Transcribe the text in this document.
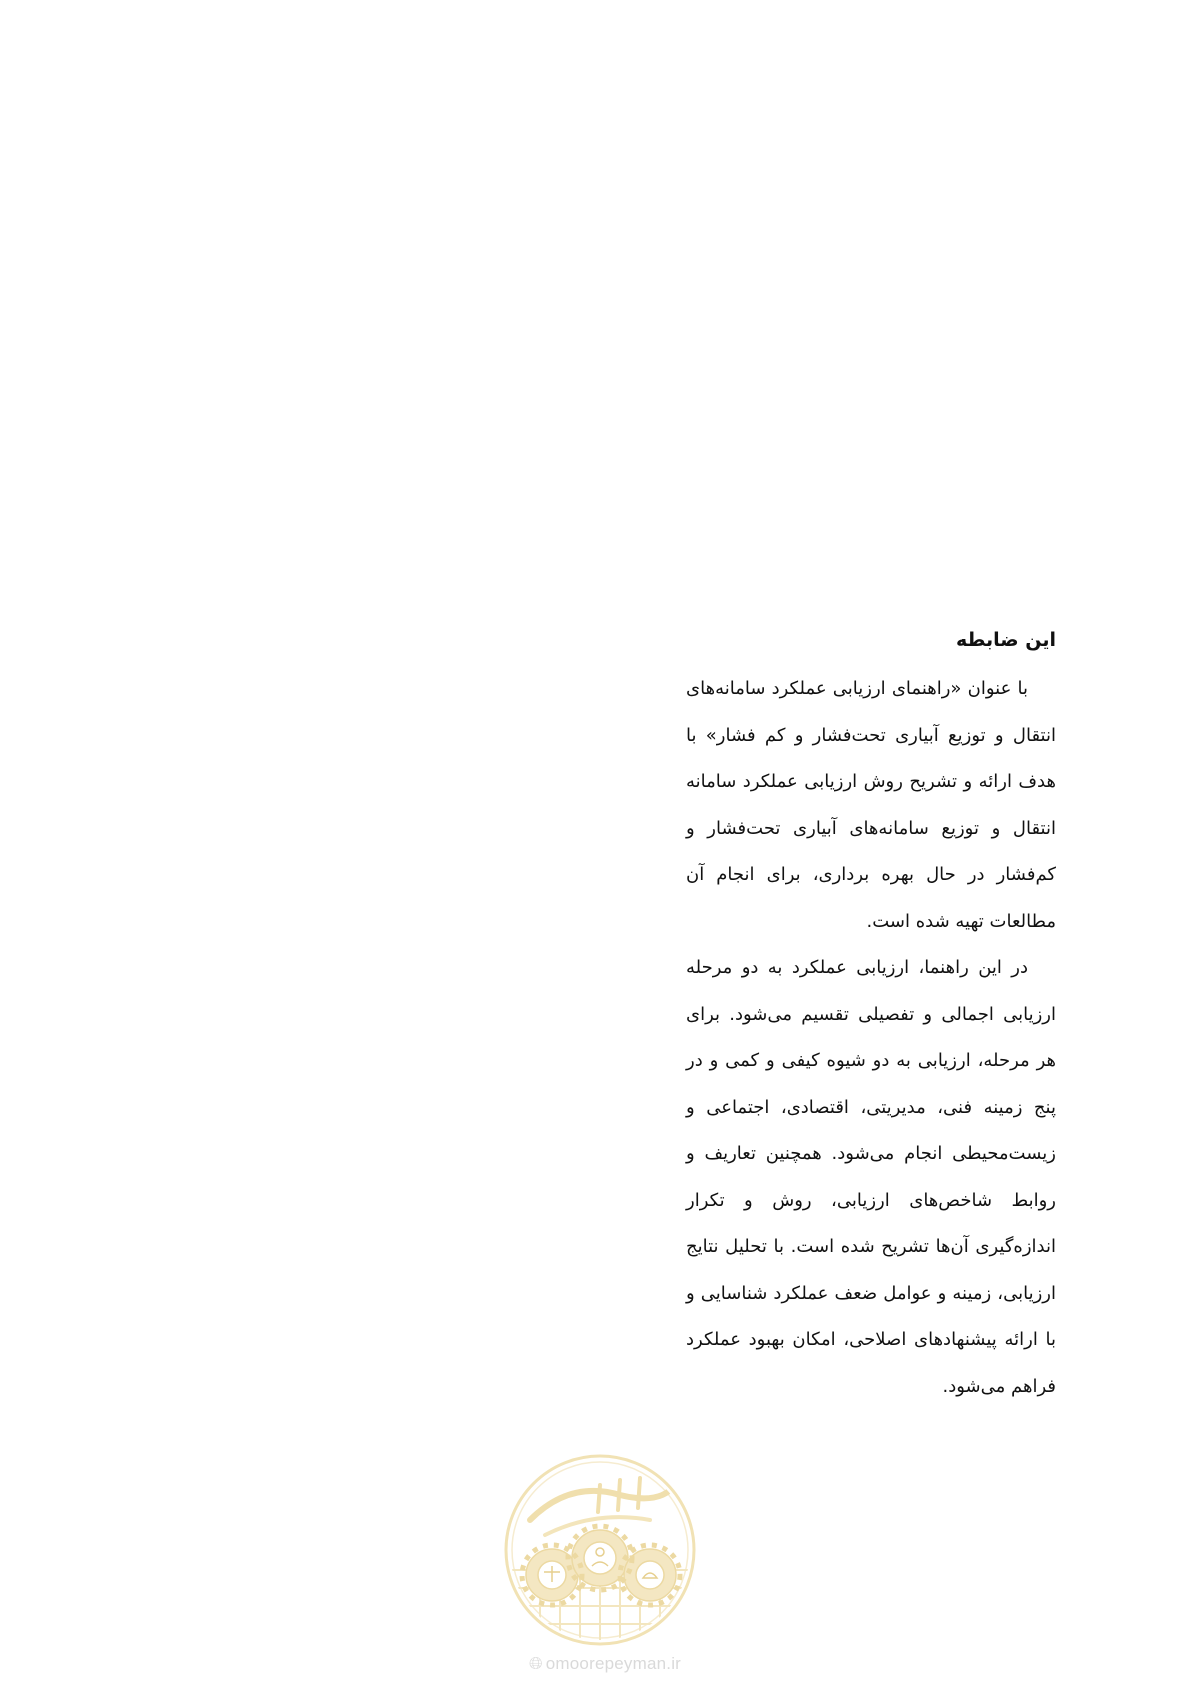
این ضابطه

با عنوان «راهنمای ارزیابی عملکرد سامانه‌های انتقال و توزیع آبیاری تحت‌فشار و کم فشار» با هدف ارائه و تشریح روش ارزیابی عملکرد سامانه انتقال و توزیع سامانه‌های آبیاری تحت‌فشار و کم‌فشار در حال بهره برداری، برای انجام آن مطالعات تهیه شده است.

در این راهنما، ارزیابی عملکرد به دو مرحله ارزیابی اجمالی و تفصیلی تقسیم می‌شود. برای هر مرحله، ارزیابی به دو شیوه کیفی و کمی و در پنج زمینه فنی، مدیریتی، اقتصادی، اجتماعی و زیست‌محیطی انجام می‌شود. همچنین تعاریف و روابط شاخص‌های ارزیابی، روش و تکرار اندازه‌گیری آن‌ها تشریح شده است. با تحلیل نتایج ارزیابی، زمینه و عوامل ضعف عملکرد شناسایی و با ارائه پیشنهادهای اصلاحی، امکان بهبود عملکرد فراهم می‌شود.

🌐︎ omoorepeyman.ir
